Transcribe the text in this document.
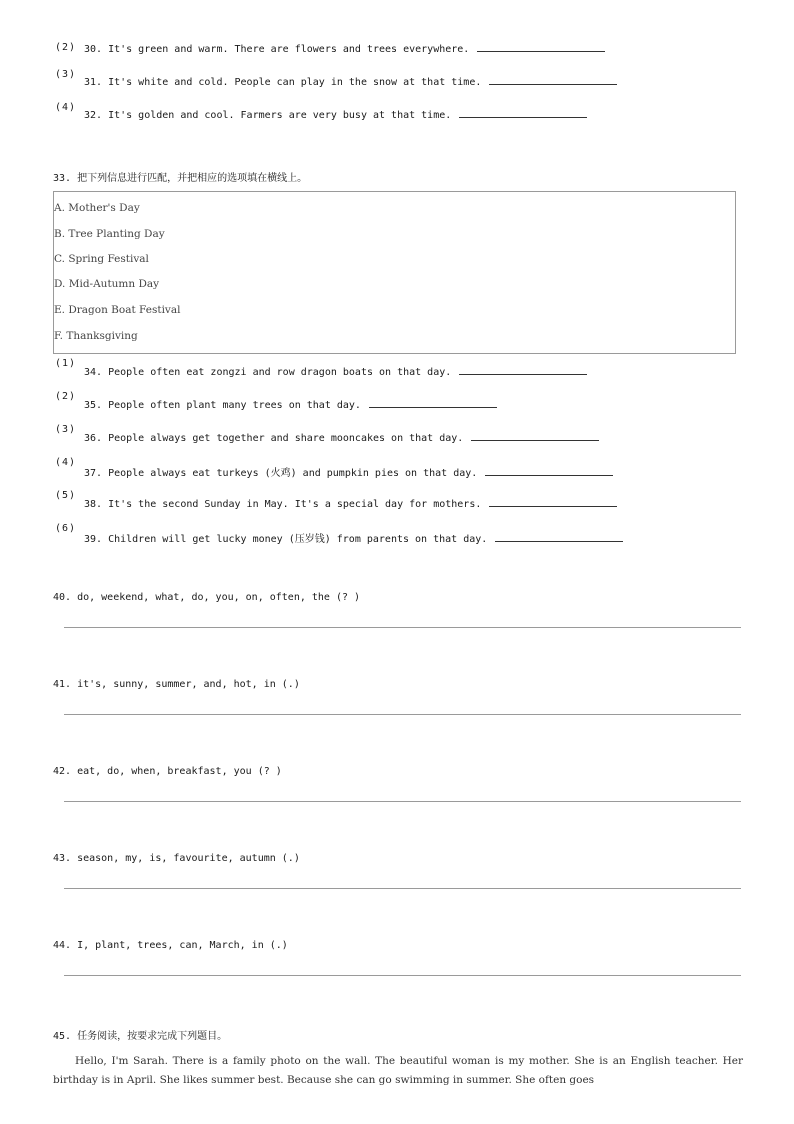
(2) 30. It's green and warm. There are flowers and trees everywhere.
(3)
31. It's white and cold. People can play in the snow at that time.
(4)
32. It's golden and cool. Farmers are very busy at that time.
33. 把下列信息进行匹配，并把相应的选项填在横线上。
A. Mother's Day
B. Tree Planting Day
C. Spring Festival
D. Mid-Autumn Day
E. Dragon Boat Festival
F. Thanksgiving
(1)
34. People often eat zongzi and row dragon boats on that day.
(2)
35. People often plant many trees on that day.
(3)
36. People always get together and share mooncakes on that day.
(4)
37. People always eat turkeys (火鸡) and pumpkin pies on that day.
(5)
38. It's the second Sunday in May. It's a special day for mothers.
(6)
39. Children will get lucky money (压岁钱) from parents on that day.
40. do, weekend, what, do, you, on, often, the (? )
41. it's, sunny, summer, and, hot, in (.)
42. eat, do, when, breakfast, you (? )
43. season, my, is, favourite, autumn (.)
44. I, plant, trees, can, March, in (.)
45. 任务阅读，按要求完成下列题目。

Hello, I'm Sarah. There is a family photo on the wall. The beautiful woman is my mother. She is an English teacher. Her birthday is in April. She likes summer best. Because she can go swimming in summer. She often goes
